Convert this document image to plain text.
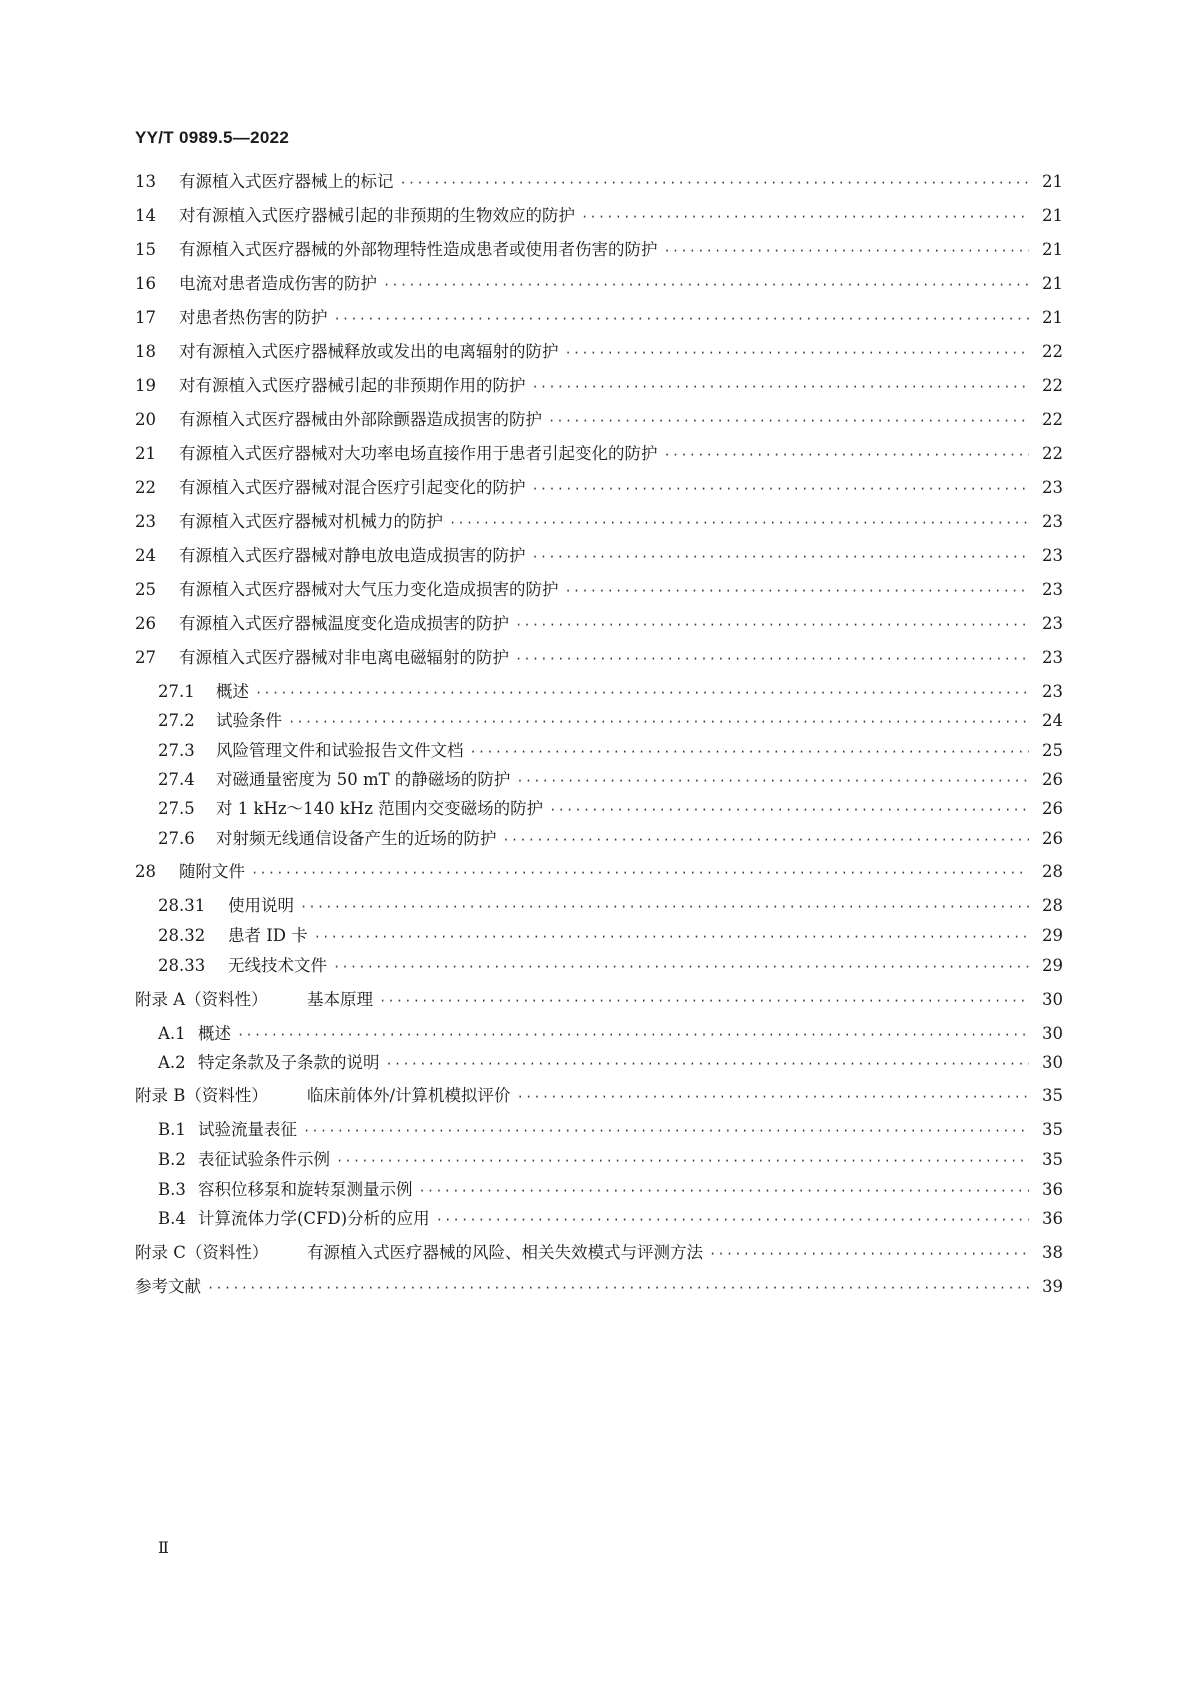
YY/T 0989.5—2022
13	有源植入式医疗器械上的标记 ·····	21
14	对有源植入式医疗器械引起的非预期的生物效应的防护 ·····	21
15	有源植入式医疗器械的外部物理特性造成患者或使用者伤害的防护 ·····	21
16	电流对患者造成伤害的防护 ·····	21
17	对患者热伤害的防护 ·····	21
18	对有源植入式医疗器械释放或发出的电离辐射的防护 ·····	22
19	对有源植入式医疗器械引起的非预期作用的防护 ·····	22
20	有源植入式医疗器械由外部除颤器造成损害的防护 ·····	22
21	有源植入式医疗器械对大功率电场直接作用于患者引起变化的防护 ·····	22
22	有源植入式医疗器械对混合医疗引起变化的防护 ·····	23
23	有源植入式医疗器械对机械力的防护 ·····	23
24	有源植入式医疗器械对静电放电造成损害的防护 ·····	23
25	有源植入式医疗器械对大气压力变化造成损害的防护 ·····	23
26	有源植入式医疗器械温度变化造成损害的防护 ·····	23
27	有源植入式医疗器械对非电离电磁辐射的防护 ·····	23
27.1	概述 ·····	23
27.2	试验条件 ·····	24
27.3	风险管理文件和试验报告文件文档 ·····	25
27.4	对磁通量密度为 50 mT 的静磁场的防护 ·····	26
27.5	对 1 kHz～140 kHz 范围内交变磁场的防护 ·····	26
27.6	对射频无线通信设备产生的近场的防护 ·····	26
28	随附文件 ·····	28
28.31	使用说明 ·····	28
28.32	患者 ID 卡 ·····	29
28.33	无线技术文件 ·····	29
附录 A（资料性）	基本原理 ·····	30
A.1 概述 ·····	30
A.2 特定条款及子条款的说明 ·····	30
附录 B（资料性）	临床前体外/计算机模拟评价 ·····	35
B.1 试验流量表征 ·····	35
B.2 表征试验条件示例 ·····	35
B.3 容积位移泵和旋转泵测量示例 ·····	36
B.4 计算流体力学(CFD)分析的应用 ·····	36
附录 C（资料性）	有源植入式医疗器械的风险、相关失效模式与评测方法 ·····	38
参考文献 ·····	39
Ⅱ
